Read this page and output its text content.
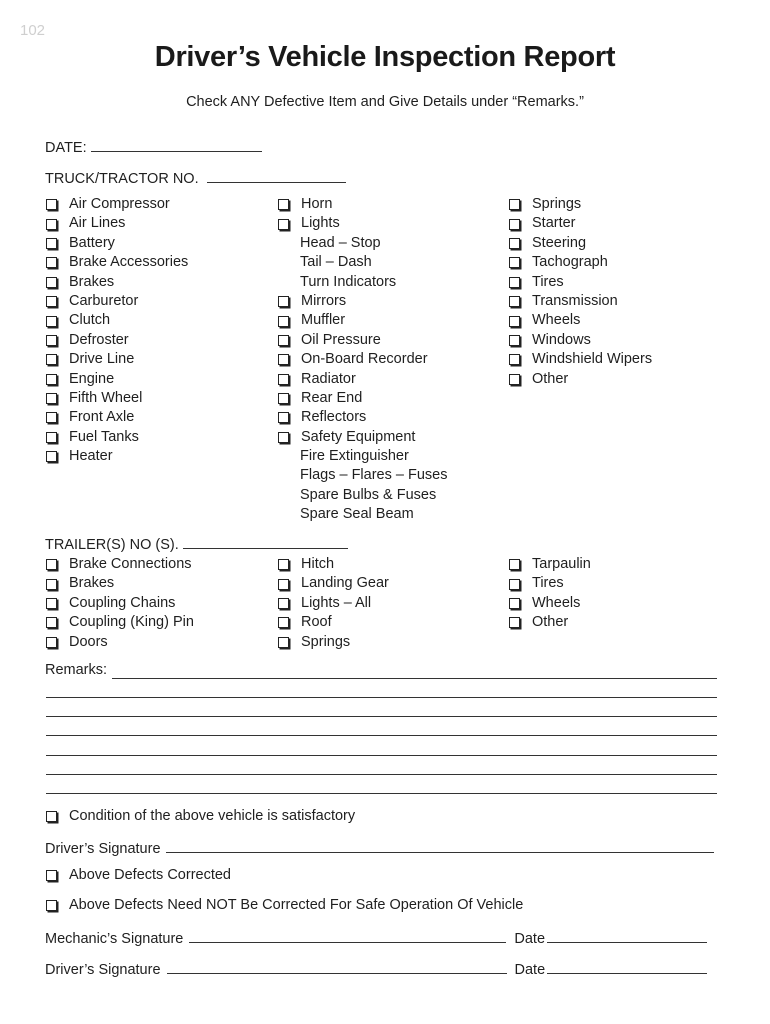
102
Driver’s Vehicle Inspection Report
Check ANY Defective Item and Give Details under “Remarks.”
DATE:
TRUCK/TRACTOR NO.
Air Compressor
Air Lines
Battery
Brake Accessories
Brakes
Carburetor
Clutch
Defroster
Drive Line
Engine
Fifth Wheel
Front Axle
Fuel Tanks
Heater
Horn
Lights
Head – Stop
Tail – Dash
Turn Indicators
Mirrors
Muffler
Oil Pressure
On-Board Recorder
Radiator
Rear End
Reflectors
Safety Equipment
Fire Extinguisher
Flags – Flares – Fuses
Spare Bulbs & Fuses
Spare Seal Beam
Springs
Starter
Steering
Tachograph
Tires
Transmission
Wheels
Windows
Windshield Wipers
Other
TRAILER(S) NO (S).
Brake Connections
Brakes
Coupling Chains
Coupling (King) Pin
Doors
Hitch
Landing Gear
Lights – All
Roof
Springs
Tarpaulin
Tires
Wheels
Other
Remarks:
Condition of the above vehicle is satisfactory
Driver’s Signature
Above Defects Corrected
Above Defects Need NOT Be Corrected For Safe Operation Of Vehicle
Mechanic’s Signature	Date
Driver’s Signature	Date
